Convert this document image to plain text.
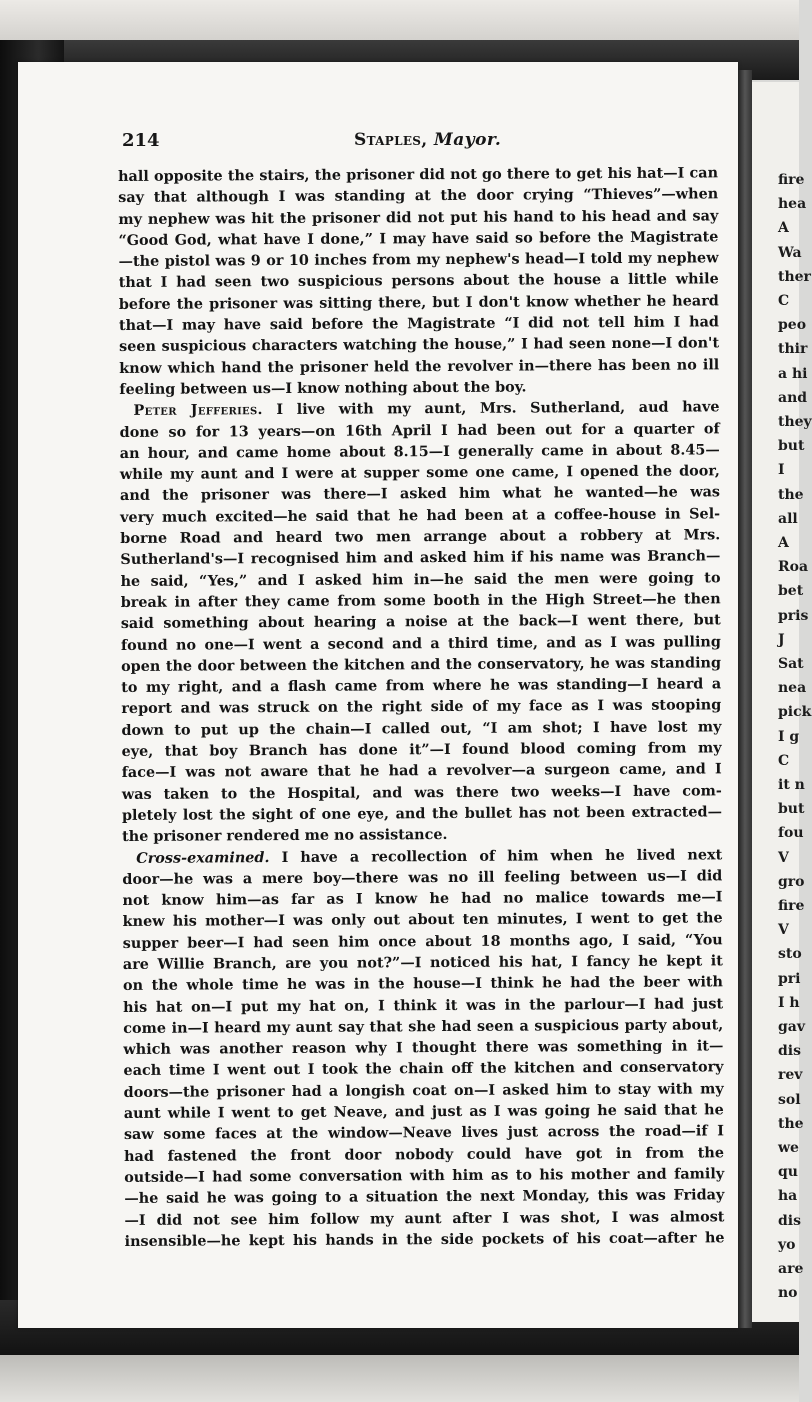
fire
hea
A
Wa
ther
C
peo
thir
a hi
and
they
but
I
the
all
A
Roa
bet
pris
J
Sat
nea
pick
I g
C
it n
but
fou
V
gro
fire
V
sto
pri
I h
gav
dis
rev
sol
the
we
qu
ha
dis
yo
are
no
214	Staples, Mayor.
hall opposite the stairs, the prisoner did not go there to get his hat—I can
say that although I was standing at the door crying “Thieves”—when
my nephew was hit the prisoner did not put his hand to his head and say
“Good God, what have I done,” I may have said so before the Magistrate
—the pistol was 9 or 10 inches from my nephew's head—I told my nephew
that I had seen two suspicious persons about the house a little while
before the prisoner was sitting there, but I don't know whether he heard
that—I may have said before the Magistrate “I did not tell him I had
seen suspicious characters watching the house,” I had seen none—I don't
know which hand the prisoner held the revolver in—there has been no ill
feeling between us—I know nothing about the boy.
Peter Jefferies. I live with my aunt, Mrs. Sutherland, aud have
done so for 13 years—on 16th April I had been out for a quarter of
an hour, and came home about 8.15—I generally came in about 8.45—
while my aunt and I were at supper some one came, I opened the door,
and the prisoner was there—I asked him what he wanted—he was
very much excited—he said that he had been at a coffee-house in Sel-
borne Road and heard two men arrange about a robbery at Mrs.
Sutherland's—I recognised him and asked him if his name was Branch—
he said, “Yes,” and I asked him in—he said the men were going to
break in after they came from some booth in the High Street—he then
said something about hearing a noise at the back—I went there, but
found no one—I went a second and a third time, and as I was pulling
open the door between the kitchen and the conservatory, he was standing
to my right, and a flash came from where he was standing—I heard a
report and was struck on the right side of my face as I was stooping
down to put up the chain—I called out, “I am shot; I have lost my
eye, that boy Branch has done it”—I found blood coming from my
face—I was not aware that he had a revolver—a surgeon came, and I
was taken to the Hospital, and was there two weeks—I have com-
pletely lost the sight of one eye, and the bullet has not been extracted—
the prisoner rendered me no assistance.
Cross-examined. I have a recollection of him when he lived next
door—he was a mere boy—there was no ill feeling between us—I did
not know him—as far as I know he had no malice towards me—I
knew his mother—I was only out about ten minutes, I went to get the
supper beer—I had seen him once about 18 months ago, I said, “You
are Willie Branch, are you not?”—I noticed his hat, I fancy he kept it
on the whole time he was in the house—I think he had the beer with
his hat on—I put my hat on, I think it was in the parlour—I had just
come in—I heard my aunt say that she had seen a suspicious party about,
which was another reason why I thought there was something in it—
each time I went out I took the chain off the kitchen and conservatory
doors—the prisoner had a longish coat on—I asked him to stay with my
aunt while I went to get Neave, and just as I was going he said that he
saw some faces at the window—Neave lives just across the road—if I
had fastened the front door nobody could have got in from the
outside—I had some conversation with him as to his mother and family
—he said he was going to a situation the next Monday, this was Friday
—I did not see him follow my aunt after I was shot, I was almost
insensible—he kept his hands in the side pockets of his coat—after he
